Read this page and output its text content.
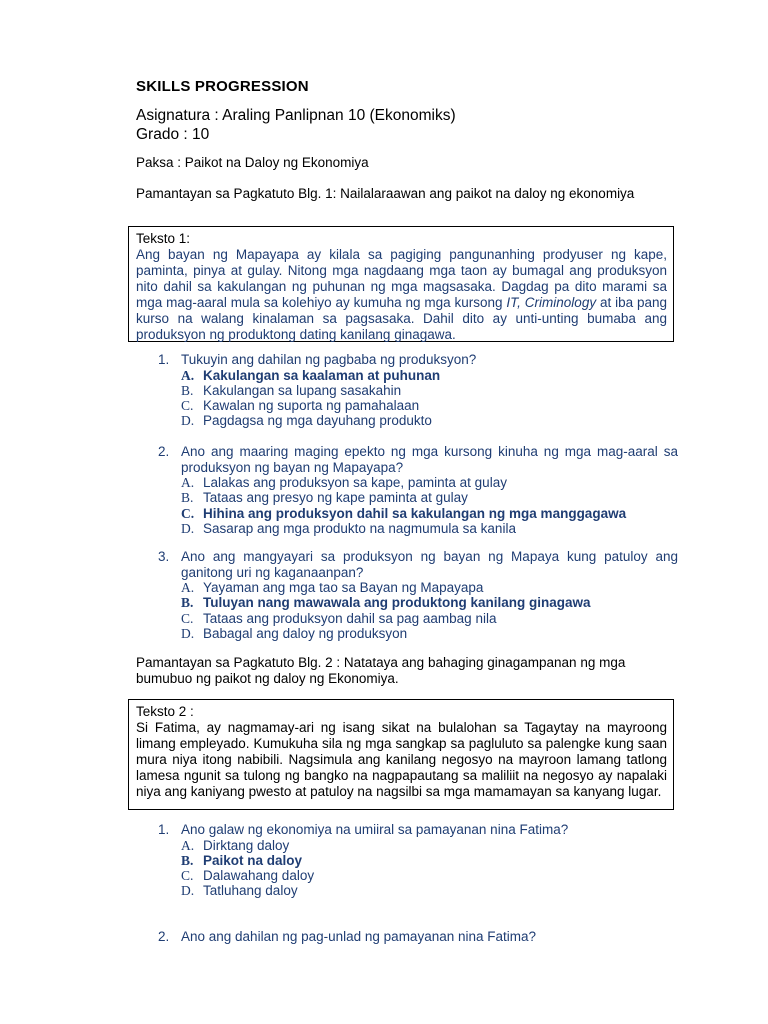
SKILLS PROGRESSION
Asignatura : Araling Panlipnan 10 (Ekonomiks)
Grado : 10
Paksa : Paikot na Daloy ng Ekonomiya
Pamantayan sa Pagkatuto Blg. 1: Nailalaraawan ang paikot na daloy ng ekonomiya
Teksto 1:
Ang bayan ng Mapayapa ay kilala sa pagiging pangunanhing prodyuser ng kape, paminta, pinya at gulay. Nitong mga nagdaang mga taon ay bumagal ang produksyon nito dahil sa kakulangan ng puhunan ng mga magsasaka. Dagdag pa dito marami sa mga mag-aaral mula sa kolehiyo ay kumuha ng mga kursong IT, Criminology at iba pang kurso na walang kinalaman sa pagsasaka. Dahil dito ay unti-unting bumaba ang produksyon ng produktong dating kanilang ginagawa.
1. Tukuyin ang dahilan ng pagbaba ng produksyon?
A. Kakulangan sa kaalaman at puhunan
B. Kakulangan sa lupang sasakahin
C. Kawalan ng suporta ng pamahalaan
D. Pagdagsa ng mga dayuhang produkto
2. Ano ang maaring maging epekto ng mga kursong kinuha ng mga mag-aaral sa produksyon ng bayan ng Mapayapa?
A. Lalakas ang produksyon sa kape, paminta at gulay
B. Tataas ang presyo ng kape paminta at gulay
C. Hihina ang produksyon dahil sa kakulangan ng mga manggagawa
D. Sasarap ang mga produkto na nagmumula sa kanila
3. Ano ang mangyayari sa produksyon ng bayan ng Mapaya kung patuloy ang ganitong uri ng kaganaanpan?
A. Yayaman ang mga tao sa Bayan ng Mapayapa
B. Tuluyan nang mawawala ang produktong kanilang ginagawa
C. Tataas ang produksyon dahil sa pag aambag nila
D. Babagal ang daloy ng produksyon
Pamantayan sa Pagkatuto Blg. 2 : Natataya ang bahaging ginagampanan ng mga bumubuo ng paikot ng daloy ng Ekonomiya.
Teksto 2 :
Si Fatima, ay nagmamay-ari ng isang sikat na bulalohan sa Tagaytay na mayroong limang empleyado. Kumukuha sila ng mga sangkap sa pagluluto sa palengke kung saan mura niya itong nabibili. Nagsimula ang kanilang negosyo na mayroon lamang tatlong lamesa ngunit sa tulong ng bangko na nagpapautang sa maliliit na negosyo ay napalaki niya ang kaniyang pwesto at patuloy na nagsilbi sa mga mamamayan sa kanyang lugar.
1. Ano galaw ng ekonomiya na umiiral sa pamayanan nina Fatima?
A. Dirktang daloy
B. Paikot na daloy
C. Dalawahang daloy
D. Tatluhang daloy
2. Ano ang dahilan ng pag-unlad ng pamayanan nina Fatima?
